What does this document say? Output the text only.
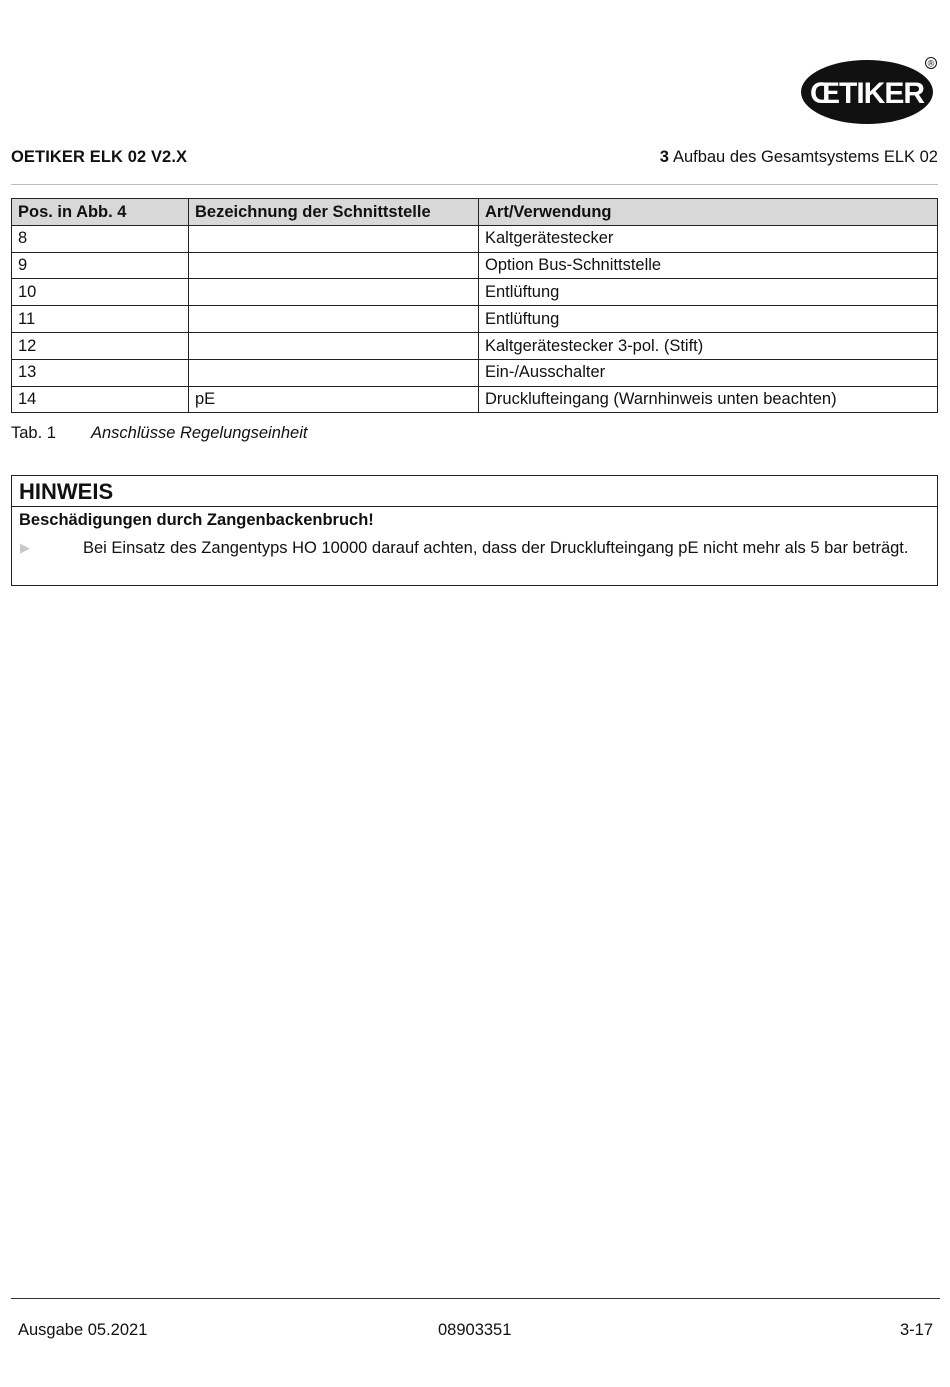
ŒTIKER
®
OETIKER ELK 02 V2.X	3 Aufbau des Gesamtsystems ELK 02
Pos. in Abb. 4	Bezeichnung der Schnittstelle	Art/Verwendung
8		Kaltgerätestecker
9		Option Bus-Schnittstelle
10		Entlüftung
11		Entlüftung
12		Kaltgerätestecker 3-pol. (Stift)
13		Ein-/Ausschalter
14	pE	Drucklufteingang (Warnhinweis unten beachten)
Tab. 1 Anschlüsse Regelungseinheit
HINWEIS
Beschädigungen durch Zangenbackenbruch!
▶	Bei Einsatz des Zangentyps HO 10000 darauf achten, dass der Drucklufteingang pE nicht mehr als 5 bar beträgt.
Ausgabe 05.2021	08903351	3-17
